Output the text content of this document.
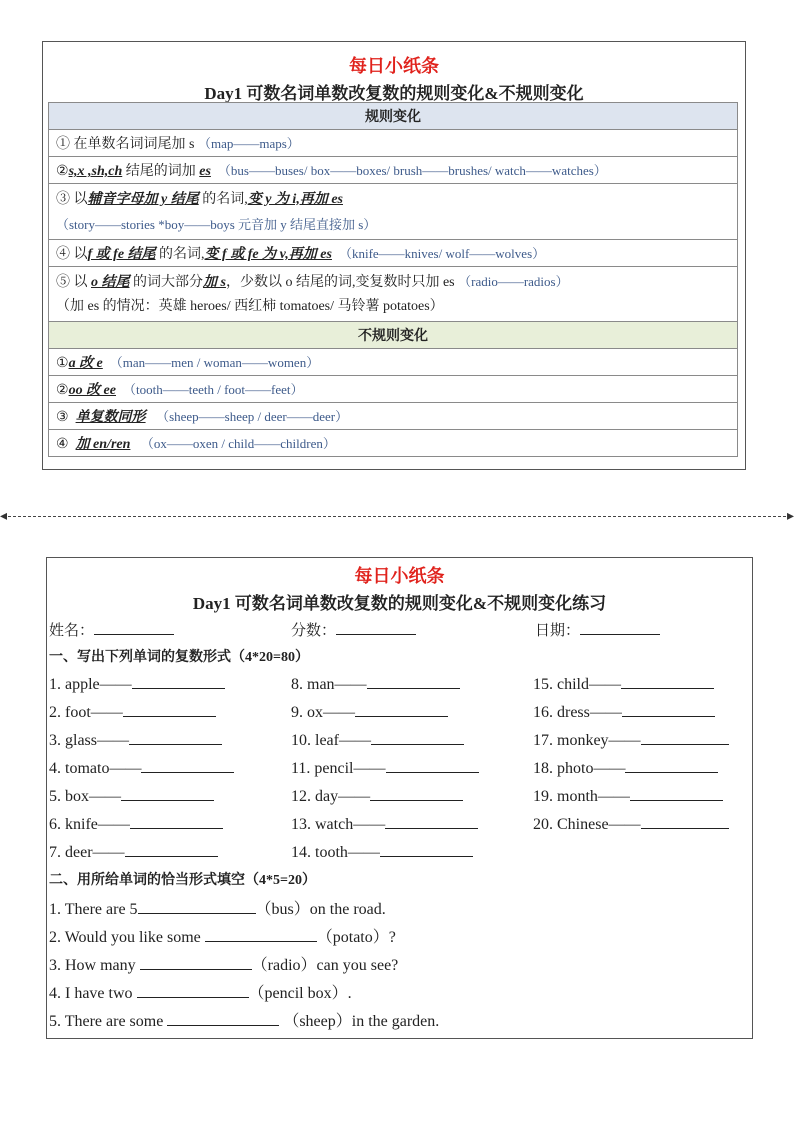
每日小纸条
Day1 可数名词单数改复数的规则变化&不规则变化
规则变化
① 在单数名词词尾加 s （map——maps）
②s,x ,sh,ch 结尾的词加 es （bus——buses/ box——boxes/ brush——brushes/ watch——watches）

③ 以辅音字母加 y 结尾 的名词,变 y 为 i,再加 es
（story——stories *boy——boys 元音加 y 结尾直接加 s）

④ 以f 或 fe 结尾 的名词,变 f 或 fe 为 v,再加 es （knife——knives/ wolf——wolves）

⑤ 以 o 结尾 的词大部分加 s，少数以 o 结尾的词,变复数时只加 es （radio——radios）
（加 es 的情况：英雄 heroes/ 西红柿 tomatoes/ 马铃薯 potatoes）

不规则变化
①a 改 e （man——men / woman——women）
②oo 改 ee （tooth——teeth / foot——feet）
③ 单复数同形 （sheep——sheep / deer——deer）
④ 加 en/ren （ox——oxen / child——children）
◂	▸
每日小纸条
Day1 可数名词单数改复数的规则变化&不规则变化练习
姓名：	分数：	日期：
一、写出下列单词的复数形式（4*20=80）
1. apple——
2. foot——
3. glass——
4. tomato——
5. box——
6. knife——
7. deer——
8. man——
9. ox——
10. leaf——
11. pencil——
12. day——
13. watch——
14. tooth——
15. child——
16. dress——
17. monkey——
18. photo——
19. month——
20. Chinese——
二、用所给单词的恰当形式填空（4*5=20）
1. There are 5	（bus）on the road.
2. Would you like some	（potato）?
3. How many	（radio）can you see?
4. I have two	（pencil box）.
5. There are some	（sheep）in the garden.
